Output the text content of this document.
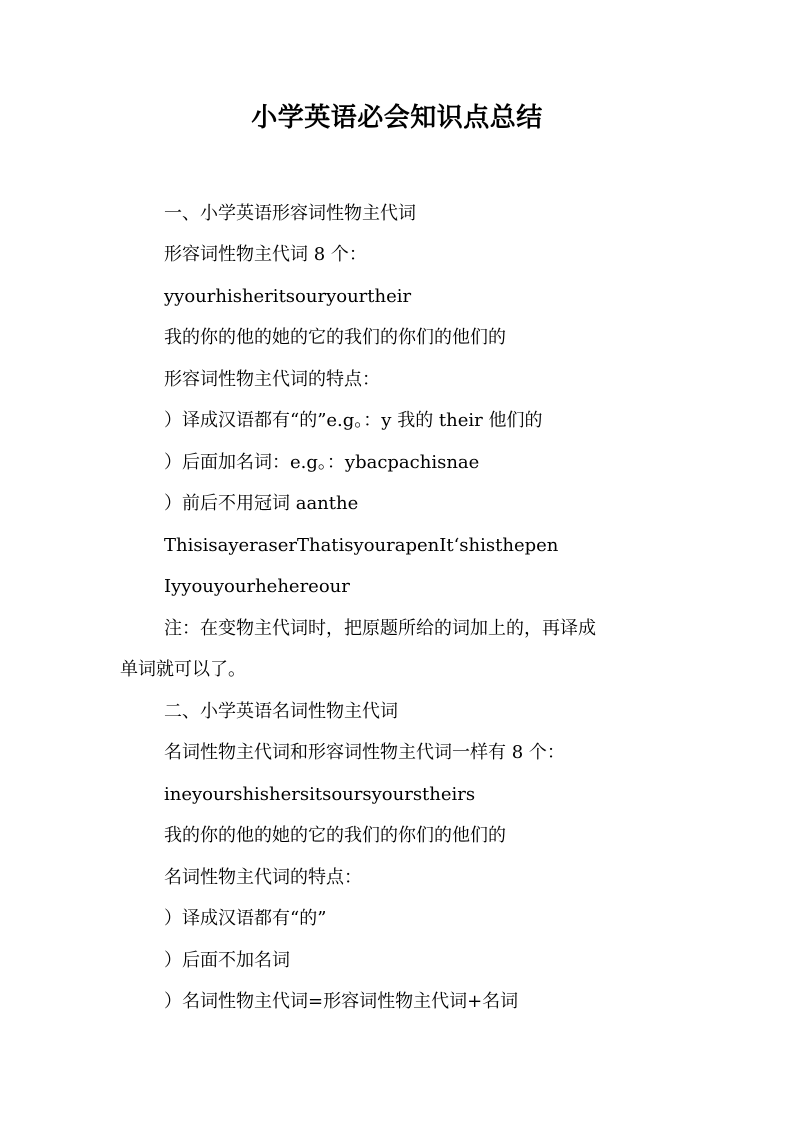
小学英语必会知识点总结
一、小学英语形容词性物主代词
形容词性物主代词 8 个：
yyourhisheritsouryourtheir
我的你的他的她的它的我们的你们的他们的
形容词性物主代词的特点：
）译成汉语都有“的”e.g。：y 我的 their 他们的
）后面加名词：e.g。：ybacpachisnae
）前后不用冠词 aanthe
ThisisayeraserThatisyourapenIt‘shisthepen
Iyyouyourhehereour
注：在变物主代词时，把原题所给的词加上的，再译成
单词就可以了。
二、小学英语名词性物主代词
名词性物主代词和形容词性物主代词一样有 8 个：
ineyourshishersitsoursyourstheirs
我的你的他的她的它的我们的你们的他们的
名词性物主代词的特点：
）译成汉语都有“的”
）后面不加名词
）名词性物主代词=形容词性物主代词+名词
